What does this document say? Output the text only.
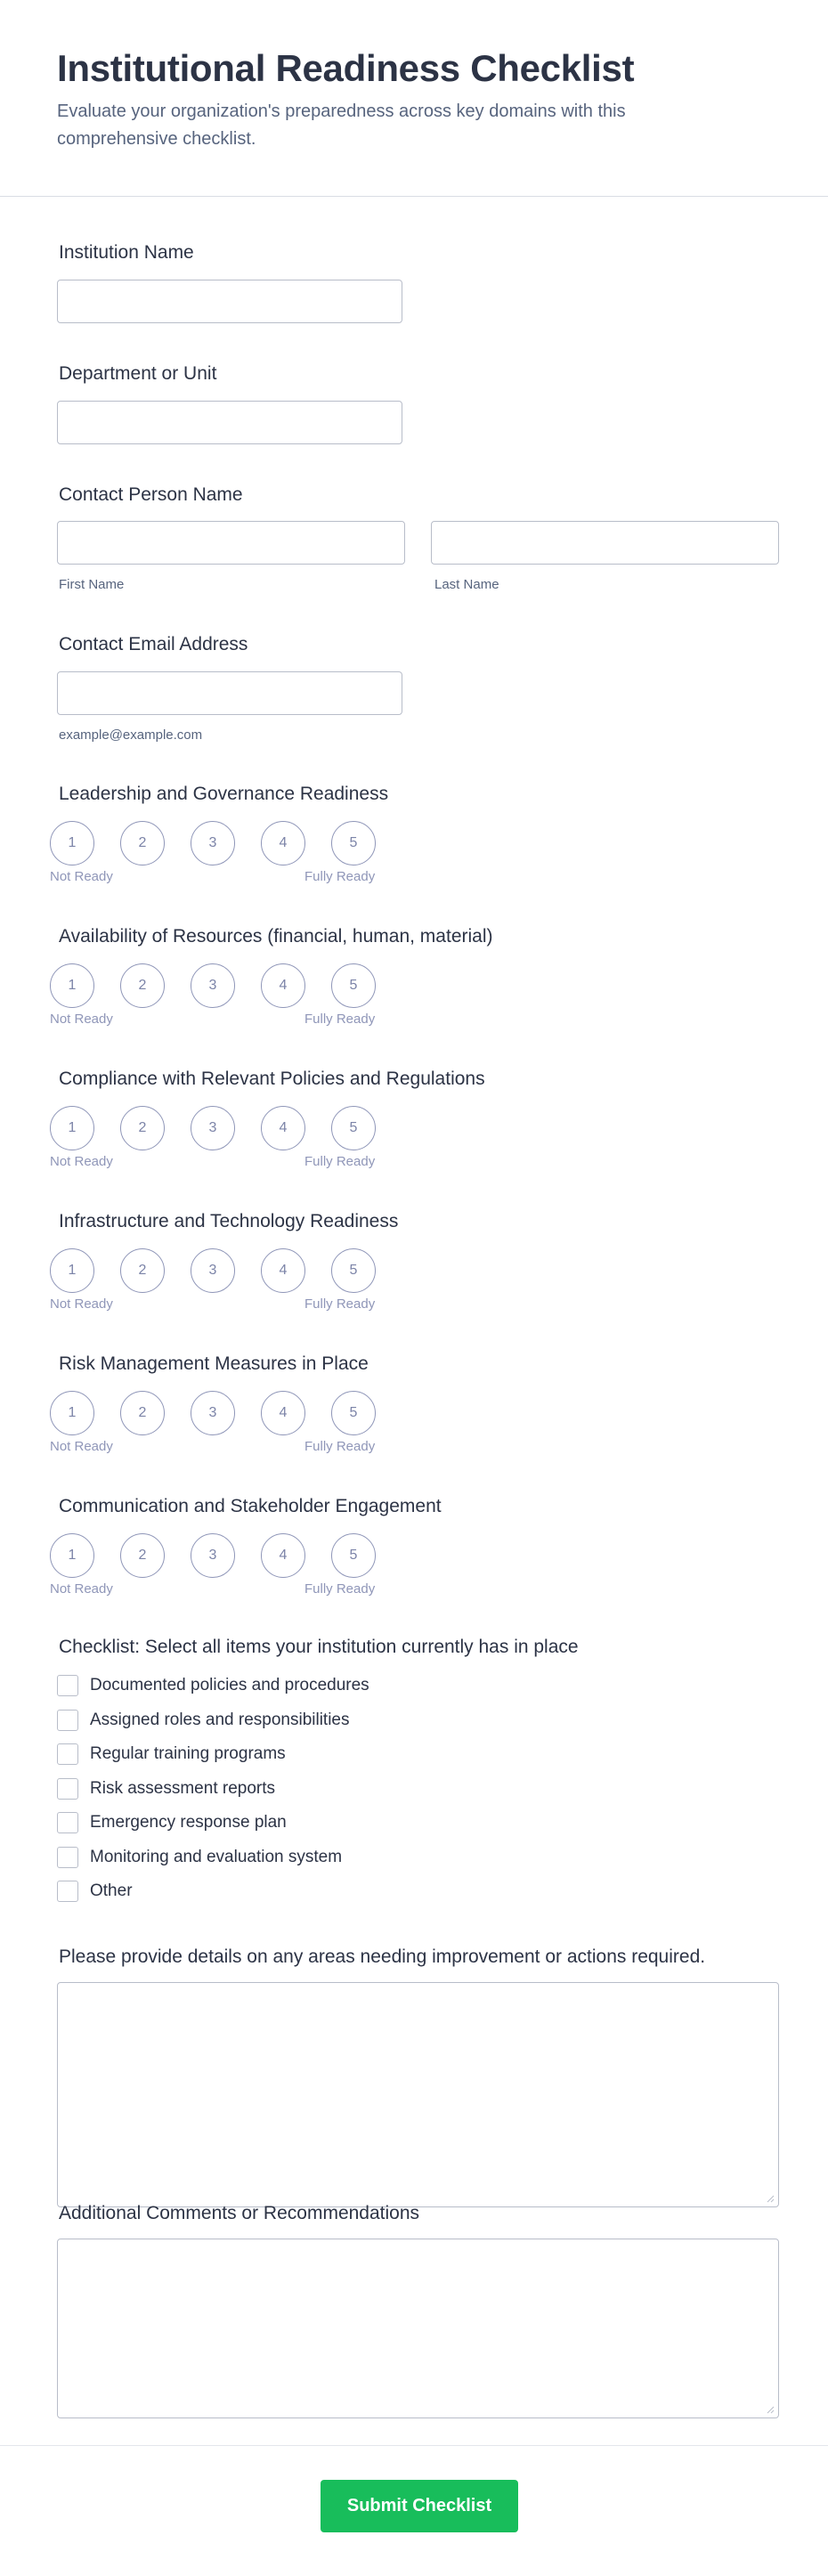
Institutional Readiness Checklist

Evaluate your organization's preparedness across key domains with this comprehensive checklist.

Institution Name
Department or Unit
Contact Person Name
First Name	Last Name
Contact Email Address
example@example.com
Leadership and Governance Readiness
1	2	3	4	5
Not Ready	Fully Ready
Availability of Resources (financial, human, material)
1	2	3	4	5
Not Ready	Fully Ready
Compliance with Relevant Policies and Regulations
1	2	3	4	5
Not Ready	Fully Ready
Infrastructure and Technology Readiness
1	2	3	4	5
Not Ready	Fully Ready
Risk Management Measures in Place
1	2	3	4	5
Not Ready	Fully Ready
Communication and Stakeholder Engagement
1	2	3	4	5
Not Ready	Fully Ready
Checklist: Select all items your institution currently has in place
Documented policies and procedures
Assigned roles and responsibilities
Regular training programs
Risk assessment reports
Emergency response plan
Monitoring and evaluation system
Other
Please provide details on any areas needing improvement or actions required.
Additional Comments or Recommendations
Submit Checklist
